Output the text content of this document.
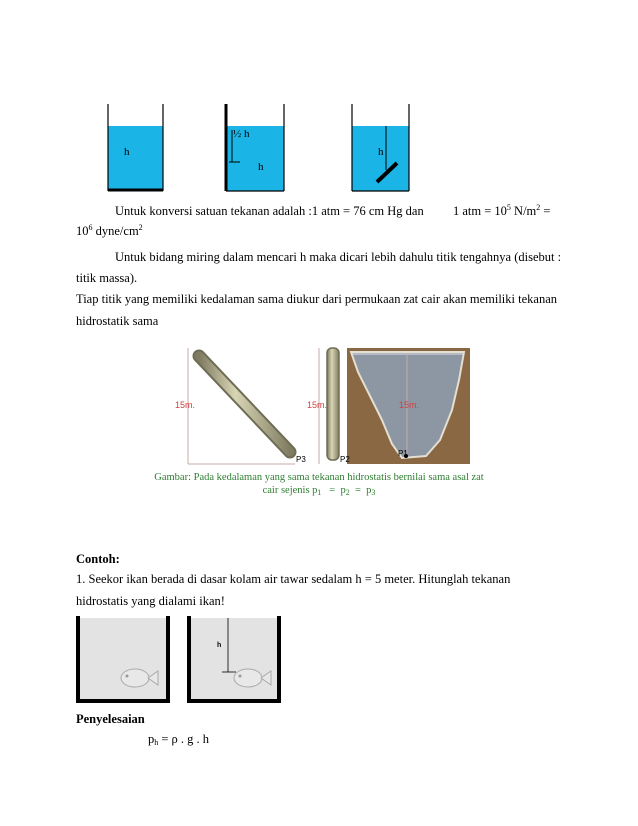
h
½ h
h
h
Untuk konversi satuan tekanan adalah :1 atm = 76 cm Hg dan 1 atm = $10^5$ $N/m^2$ =
$10^6$ dyne/$cm^2$
Untuk bidang miring dalam mencari h maka dicari lebih dahulu titik tengahnya (disebut :
titik massa).
Tiap titik yang memiliki kedalaman sama diukur dari permukaan zat cair akan memiliki tekanan
hidrostatik sama
15m.	15m.	15m.
P3	P2
P1
Gambar: Pada kedalaman yang sama tekanan hidrostatis bernilai sama asal zat
cair sejenis $p_1 = p_2 = p_3$
Contoh:
1. Seekor ikan berada di dasar kolam air tawar sedalam h = 5 meter. Hitunglah tekanan
hidrostatis yang dialami ikan!
h
Penyelesaian
$p_h = \rho$ . g . h
